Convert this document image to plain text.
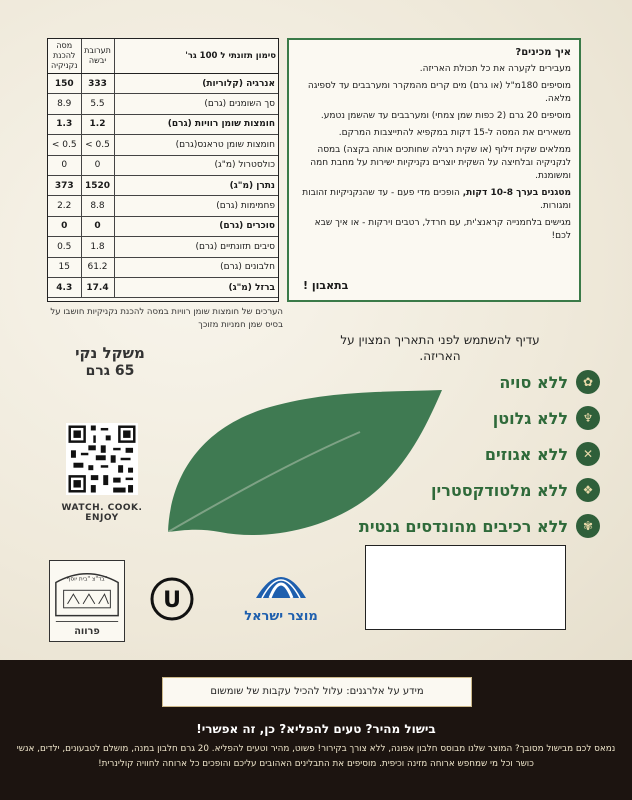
סימון תזונתי ל 100 גר'	תערובת יבשה	מסה להכנת נקניקיה
אנרגיה (קלוריות)	333	150
סך השומנים (גרם)	5.5	8.9
חומצות שומן רוויות (גרם)	1.2	1.3
חומצות שומן טראנס(גרם)	0.5 >	0.5 >
כולסטרול (מ"ג)	0	0
נתרן (מ"ג)	1520	373
פחמימות (גרם)	8.8	2.2
סוכרים (גרם)	0	0
סיבים תזונתיים (גרם)	1.8	0.5
חלבונים (גרם)	61.2	15
ברזל (מ"ג)	17.4	4.3
הערכים של חומצות שומן רוויות במסה להכנת נקניקיות חושבו על בסיס שמן חמניות מזוכך
משקל נקי
65 גרם

איך מכינים?

מעבירים לקערה את כל תכולת האריזה.

מוסיפים 180מ"ל (או גרם) מים קרים מהמקרר ומערבבים עד לספיגה מלאה.

מוסיפים 20 גרם (2 כפות שמן צמחי) ומערבבים עד שהשמן נטמע.

משאירים את המסה ל-15 דקות במקפיא להתייצבות המרקם.

ממלאים שקית זילוף (או שקית רגילה שחותכים אותה בקצה) במסה לנקניקיה ובלחיצה על השקית יוצרים נקניקיות ישירות על מחבת חמה ומשומנת.

מטגנים בערך 10-8 דקות, הופכים מדי פעם - עד שהנקניקיות זהובות ומגורות.

מגישים בלחמנייה קראנצ'ית, עם חרדל, רטבים וירקות - או איך שבא לכם!

בתאבון !
עדיף להשתמש לפני התאריך המצוין על האריזה.
✿
ללא סויה
♆
ללא גלוטן
✕
ללא אגוזים
❖
ללא מלטודקסטרין
✾
ללא רכיבים מהונדסים גנטית
WATCH. COOK. ENJOY
בד"צ "בית יוסף"
פרווה
U
מוצר ישראל
מידע על אלרגנים: עלול להכיל עקבות של שומשום
בישול מהיר? טעים להפליא? כן, זה אפשרי!
נמאס לכם מבישול מסובך? המוצר שלנו מבוסס חלבון אפונה, ללא צורך בקירור! פשוט, מהיר וטעים להפליא. 20 גרם חלבון במנה, מושלם לטבעונים, ילדים, אנשי כושר וכל מי שמחפש ארוחה מזינה וכיפית. מוסיפים את התבלינים האהובים עליכם והופכים כל ארוחה לחוויה קולינרית!
